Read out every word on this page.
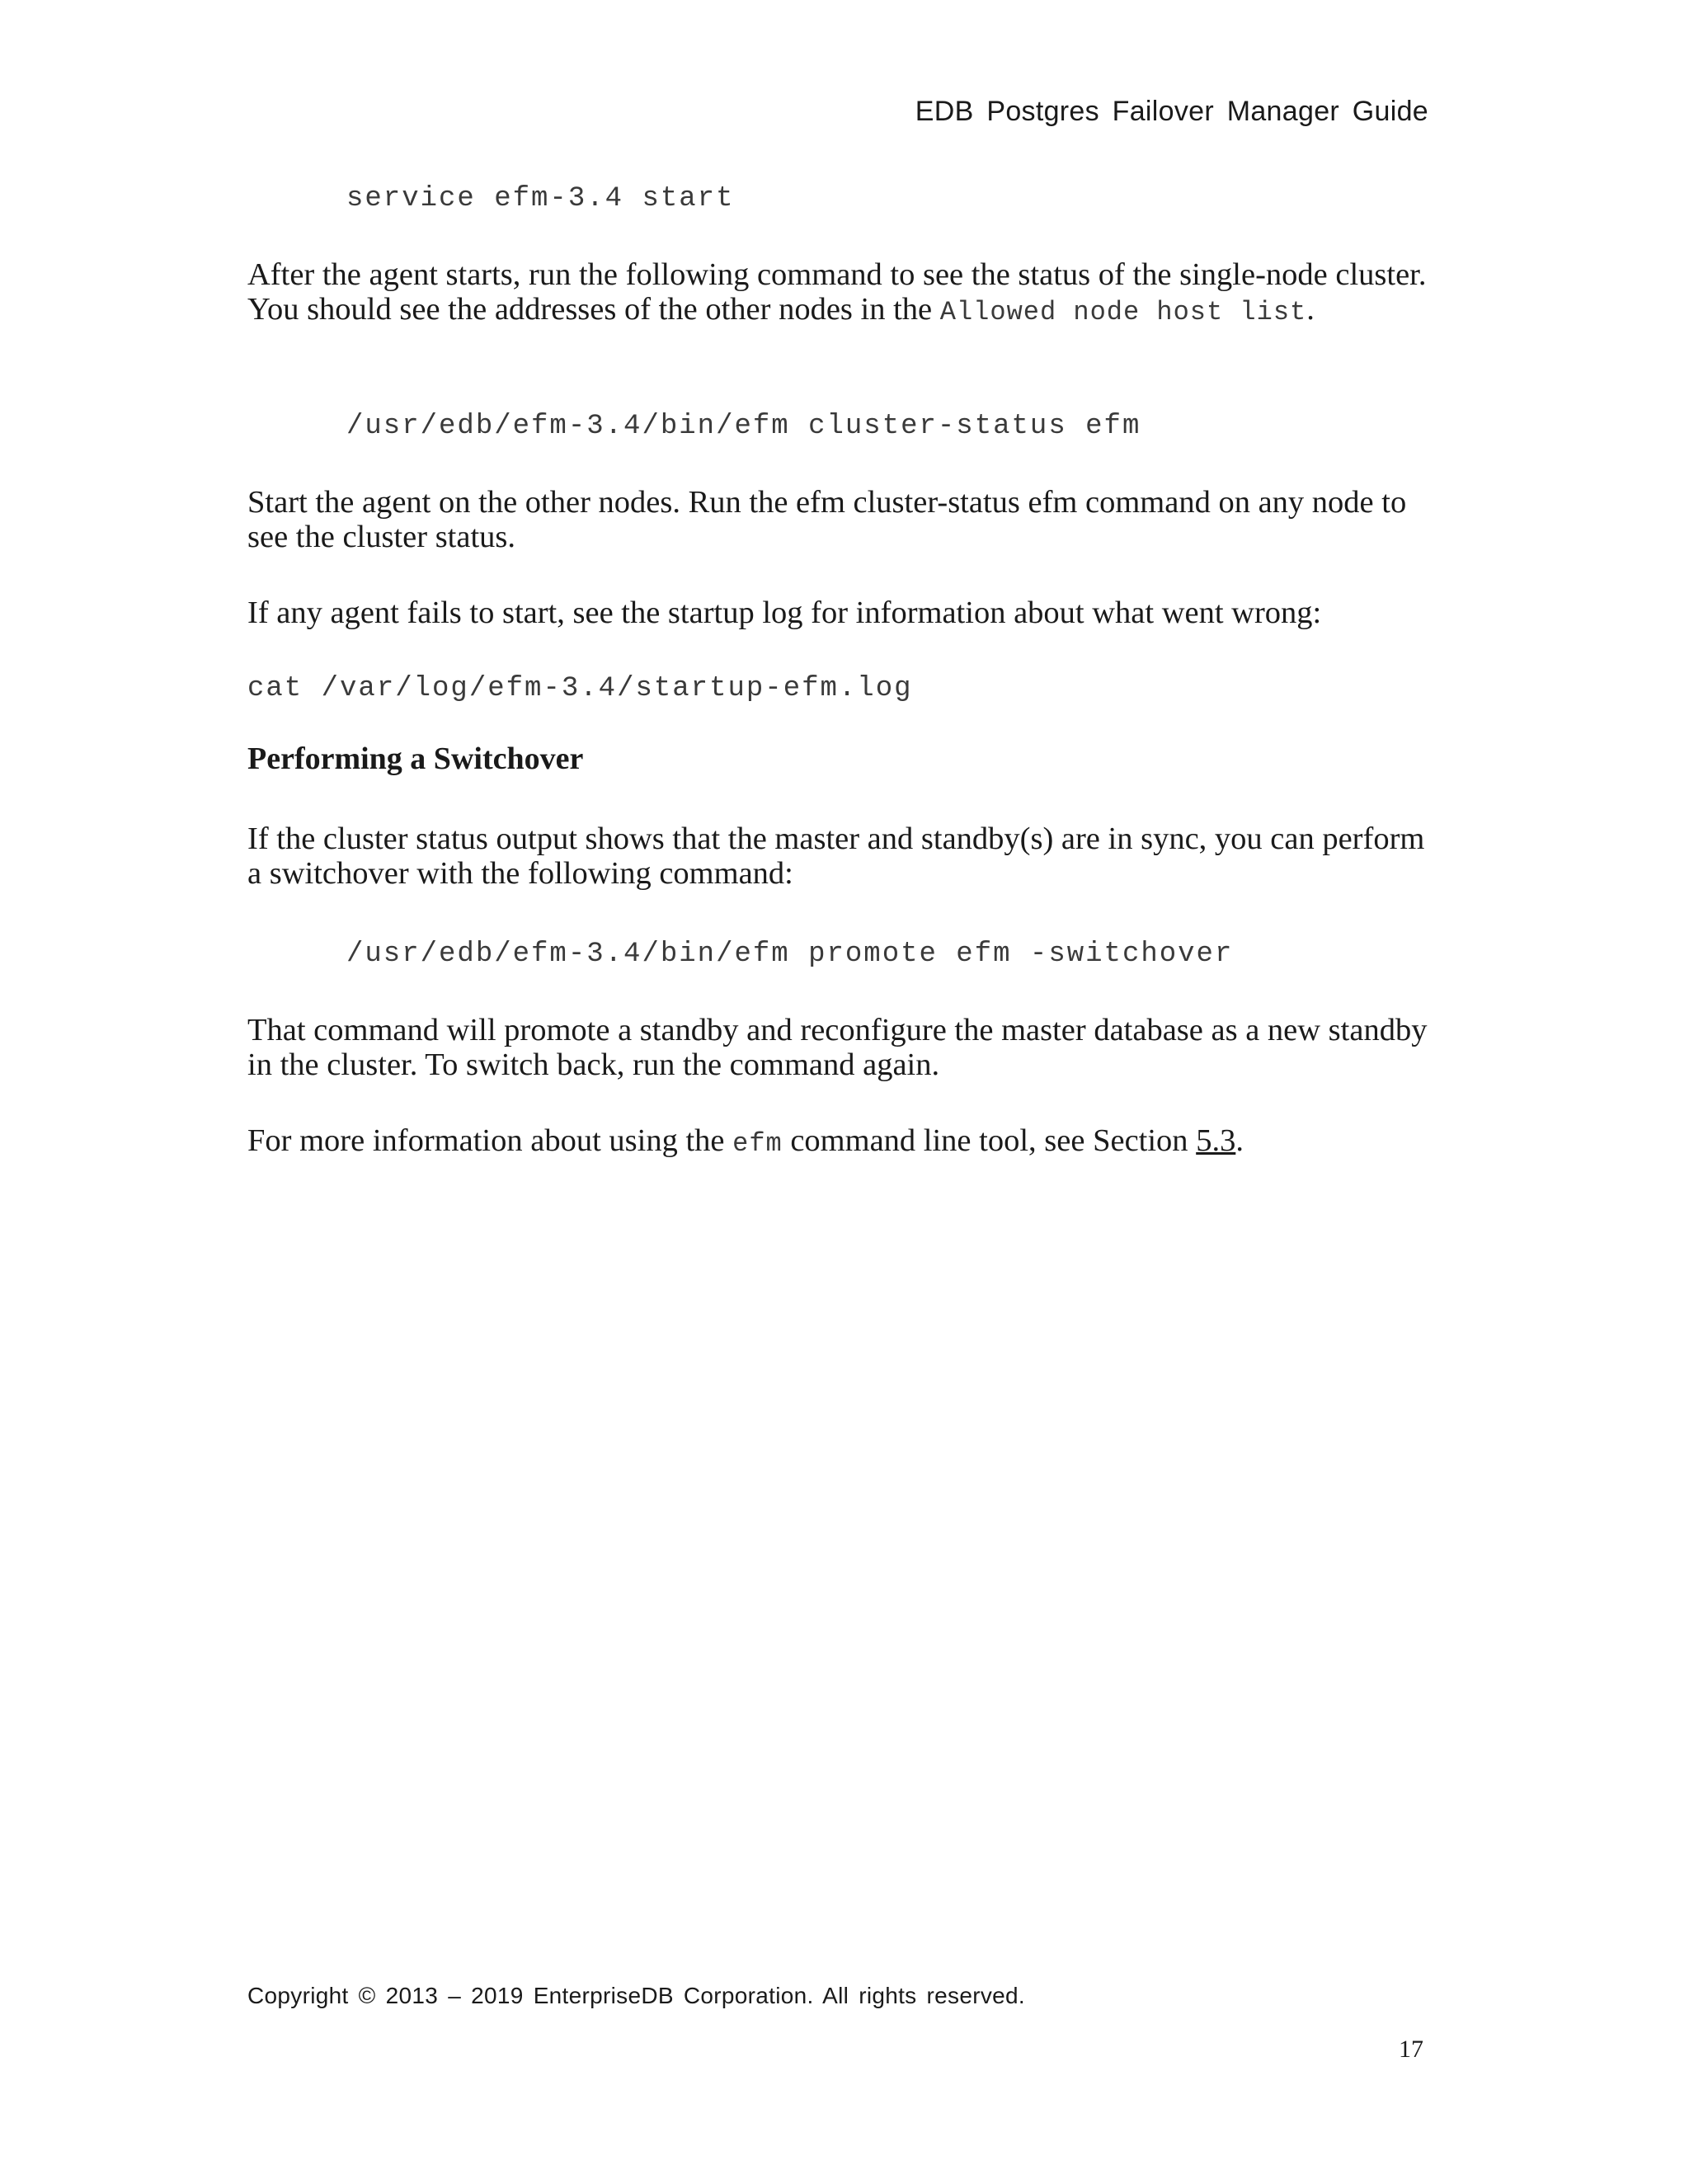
EDB Postgres Failover Manager Guide
service efm-3.4 start

After the agent starts, run the following command to see the status of the single-node cluster. You should see the addresses of the other nodes in the Allowed node host list.

/usr/edb/efm-3.4/bin/efm cluster-status efm

Start the agent on the other nodes. Run the efm cluster-status efm command on any node to see the cluster status.

If any agent fails to start, see the startup log for information about what went wrong:

cat /var/log/efm-3.4/startup-efm.log

Performing a Switchover

If the cluster status output shows that the master and standby(s) are in sync, you can perform a switchover with the following command:

/usr/edb/efm-3.4/bin/efm promote efm -switchover

That command will promote a standby and reconfigure the master database as a new standby in the cluster. To switch back, run the command again.

For more information about using the efm command line tool, see Section 5.3.

Copyright © 2013 – 2019 EnterpriseDB Corporation. All rights reserved.
17
